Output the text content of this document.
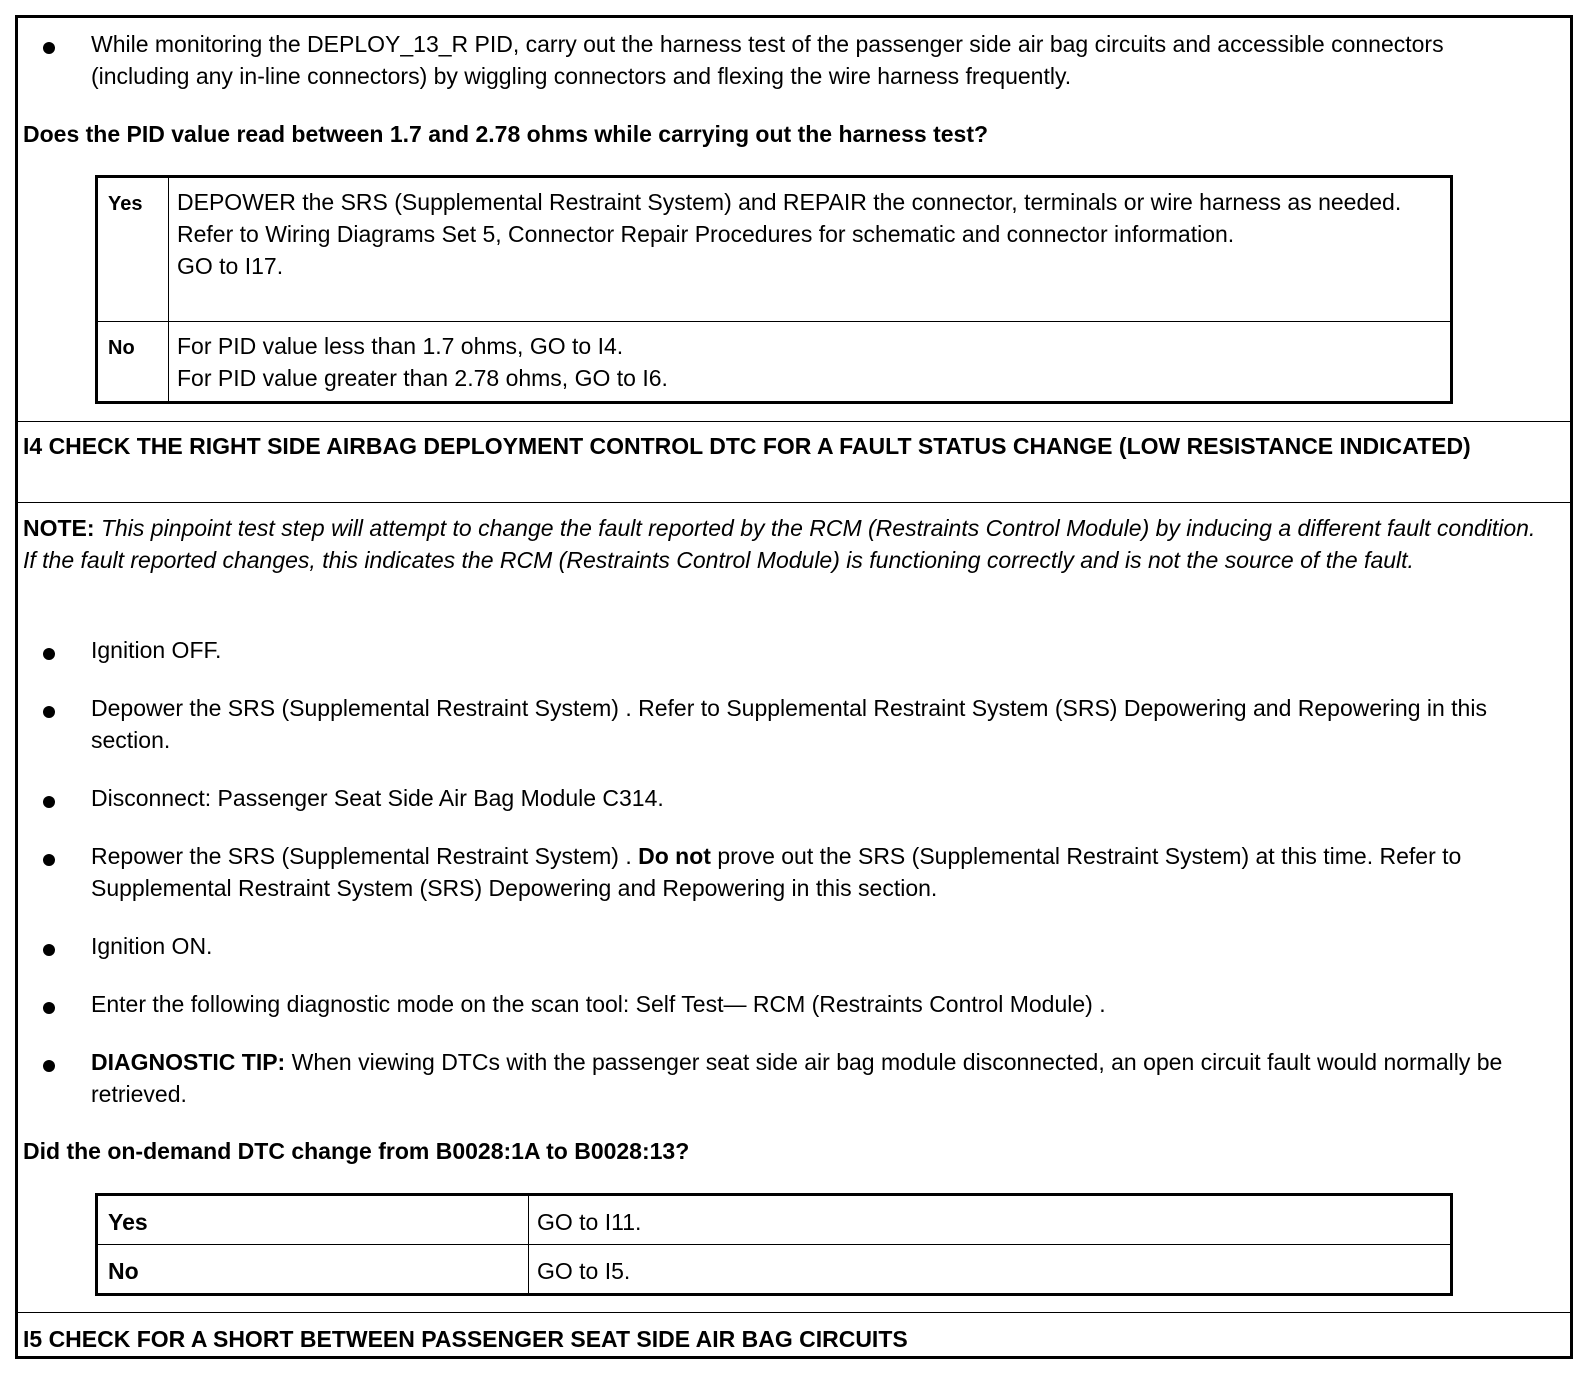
While monitoring the DEPLOY_13_R PID, carry out the harness test of the passenger side air bag circuits and accessible connectors (including any in-line connectors) by wiggling connectors and flexing the wire harness frequently.
Does the PID value read between 1.7 and 2.78 ohms while carrying out the harness test?
Yes	DEPOWER the SRS (Supplemental Restraint System) and REPAIR the connector, terminals or wire harness as needed.
Refer to Wiring Diagrams Set 5, Connector Repair Procedures for schematic and connector information.
GO to I17.

No	For PID value less than 1.7 ohms, GO to I4.
For PID value greater than 2.78 ohms, GO to I6.
I4 CHECK THE RIGHT SIDE AIRBAG DEPLOYMENT CONTROL DTC FOR A FAULT STATUS CHANGE (LOW RESISTANCE INDICATED)
NOTE: This pinpoint test step will attempt to change the fault reported by the RCM (Restraints Control Module) by inducing a different fault condition. If the fault reported changes, this indicates the RCM (Restraints Control Module) is functioning correctly and is not the source of the fault.
Ignition OFF.
Depower the SRS (Supplemental Restraint System) . Refer to Supplemental Restraint System (SRS) Depowering and Repowering in this section.
Disconnect: Passenger Seat Side Air Bag Module C314.
Repower the SRS (Supplemental Restraint System) . Do not prove out the SRS (Supplemental Restraint System) at this time. Refer to Supplemental Restraint System (SRS) Depowering and Repowering in this section.
Ignition ON.
Enter the following diagnostic mode on the scan tool: Self Test— RCM (Restraints Control Module) .
DIAGNOSTIC TIP: When viewing DTCs with the passenger seat side air bag module disconnected, an open circuit fault would normally be retrieved.
Did the on-demand DTC change from B0028:1A to B0028:13?
Yes	GO to I11.
No	GO to I5.
I5 CHECK FOR A SHORT BETWEEN PASSENGER SEAT SIDE AIR BAG CIRCUITS
